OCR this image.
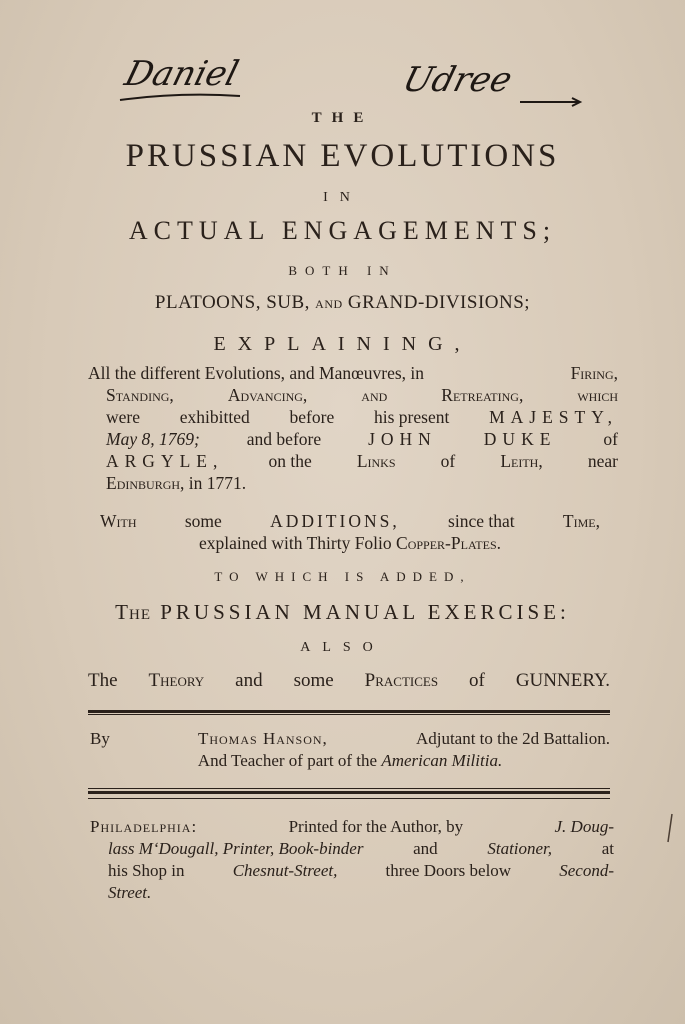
Daniel	Udree
THE
PRUSSIAN EVOLUTIONS
IN
ACTUAL ENGAGEMENTS;
BOTH IN
PLATOONS, SUB, and GRAND-DIVISIONS;
EXPLAINING,

All the different Evolutions, and Manœuvres, in	Firing,

Standing,	Advancing,	and	Retreating,	which

were exhibitted before his present MAJESTY,

May 8, 1769;	and before	JOHN	DUKE	of

ARGYLE,	on the	Links	of	Leith,	near

Edinburgh, in 1771.

With	some	ADDITIONS,	since that	Time,

explained with Thirty Folio Copper-Plates.

TO WHICH IS ADDED,
The PRUSSIAN MANUAL EXERCISE:
ALSO
The Theory and some Practices of GUNNERY.

By	Thomas Hanson,	Adjutant to the 2d Battalion.

And Teacher of part of the American Militia.

Philadelphia:	Printed for the Author, by	J. Doug-

lass M‘Dougall, Printer, Book-binder	and	Stationer,	at

his Shop in	Chesnut-Street,	three Doors below	Second-

Street.
